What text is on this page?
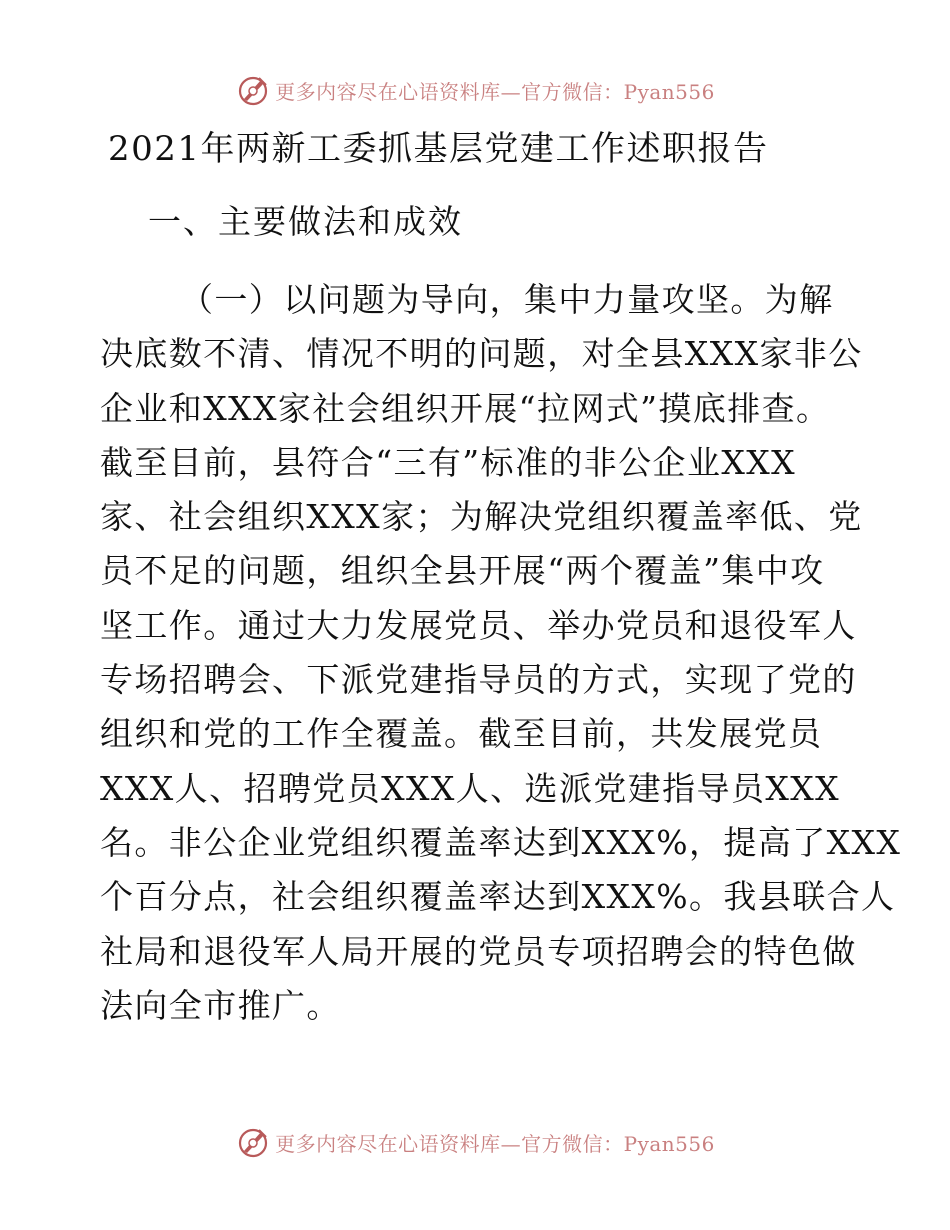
更多内容尽在心语资料库—官方微信：Pyan556
2021年两新工委抓基层党建工作述职报告
一、主要做法和成效
（一）以问题为导向，集中力量攻坚。为解
决底数不清、情况不明的问题，对全县XXX家非公
企业和XXX家社会组织开展“拉网式”摸底排查。
截至目前，县符合“三有”标准的非公企业XXX
家、社会组织XXX家；为解决党组织覆盖率低、党
员不足的问题，组织全县开展“两个覆盖”集中攻
坚工作。通过大力发展党员、举办党员和退役军人
专场招聘会、下派党建指导员的方式，实现了党的
组织和党的工作全覆盖。截至目前，共发展党员
XXX人、招聘党员XXX人、选派党建指导员XXX
名。非公企业党组织覆盖率达到XXX%，提高了XXX
个百分点，社会组织覆盖率达到XXX%。我县联合人
社局和退役军人局开展的党员专项招聘会的特色做
法向全市推广。
更多内容尽在心语资料库—官方微信：Pyan556
